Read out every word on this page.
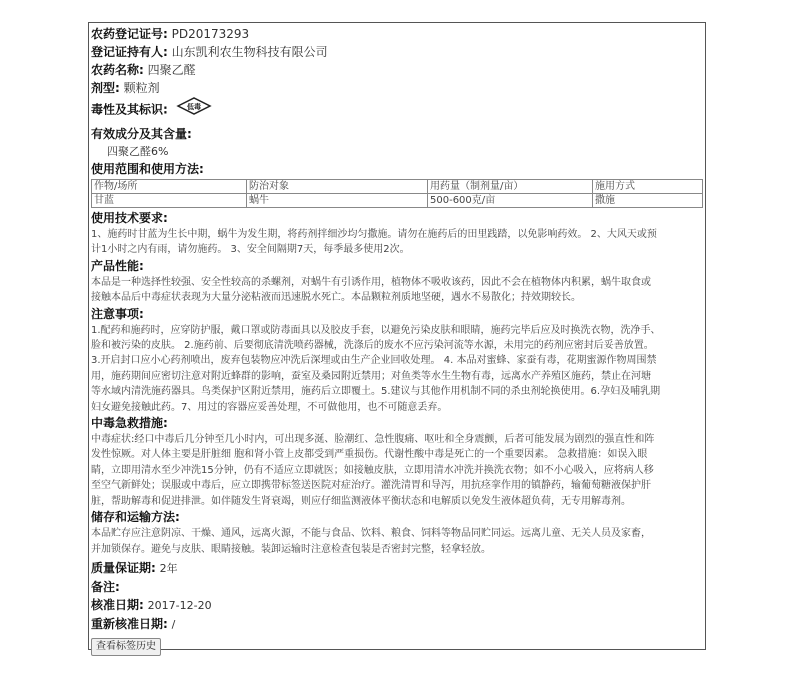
农药登记证号: PD20173293
登记证持有人: 山东凯利农生物科技有限公司
农药名称: 四聚乙醛
剂型: 颗粒剂
毒性及其标识:	低毒
有效成分及其含量:
四聚乙醛6%
使用范围和使用方法:
作物/场所	防治对象	用药量（制剂量/亩）	施用方式
甘蓝	蜗牛	500-600克/亩	撒施
使用技术要求:

1、施药时甘蓝为生长中期，蜗牛为发生期，将药剂拌细沙均匀撒施。请勿在施药后的田里践踏，以免影响药效。 2、大风天或预

计1小时之内有雨，请勿施药。 3、安全间隔期7天，每季最多使用2次。

产品性能:

本品是一种选择性较强、安全性较高的杀螺剂，对蜗牛有引诱作用，植物体不吸收该药，因此不会在植物体内积累，蜗牛取食或

接触本品后中毒症状表现为大量分泌粘液而迅速脱水死亡。本品颗粒剂质地坚硬，遇水不易散化；持效期较长。

注意事项:

1.配药和施药时，应穿防护服，戴口罩或防毒面具以及胶皮手套，以避免污染皮肤和眼睛，施药完毕后应及时换洗衣物，洗净手、

脸和被污染的皮肤。 2.施药前、后要彻底清洗喷药器械，洗涤后的废水不应污染河流等水源，未用完的药剂应密封后妥善放置。

3.开启封口应小心药剂喷出，废弃包装物应冲洗后深埋或由生产企业回收处理。 4. 本品对蜜蜂、家蚕有毒，花期蜜源作物周围禁

用，施药期间应密切注意对附近蜂群的影响，蚕室及桑园附近禁用；对鱼类等水生生物有毒，远离水产养殖区施药，禁止在河塘

等水域内清洗施药器具。鸟类保护区附近禁用，施药后立即覆土。5.建议与其他作用机制不同的杀虫剂轮换使用。6.孕妇及哺乳期

妇女避免接触此药。7、用过的容器应妥善处理，不可做他用，也不可随意丢弃。

中毒急救措施:

中毒症状:经口中毒后几分钟至几小时内，可出现多涎、脸潮红、急性腹痛、呕吐和全身震颤，后者可能发展为剧烈的强直性和阵

发性惊厥。对人体主要是肝脏细 胞和肾小管上皮都受到严重损伤。代谢性酸中毒是死亡的一个重要因素。 急救措施：如误入眼

睛，立即用清水至少冲洗15分钟，仍有不适应立即就医；如接触皮肤，立即用清水冲洗并换洗衣物；如不小心吸入，应将病人移

至空气新鲜处；误服或中毒后，应立即携带标签送医院对症治疗。灌洗清胃和导泻，用抗痉挛作用的镇静药，输葡萄糖液保护肝

脏，帮助解毒和促进排泄。如伴随发生肾衰竭，则应仔细监测液体平衡状态和电解质以免发生液体超负荷，无专用解毒剂。

储存和运输方法:

本品贮存应注意阴凉、干燥、通风，远离火源，不能与食品、饮料、粮食、饲料等物品同贮同运。远离儿童、无关人员及家畜，

并加锁保存。避免与皮肤、眼睛接触。装卸运输时注意检查包装是否密封完整，轻拿轻放。

质量保证期: 2年
备注:
核准日期: 2017-12-20
重新核准日期: /
查看标签历史
